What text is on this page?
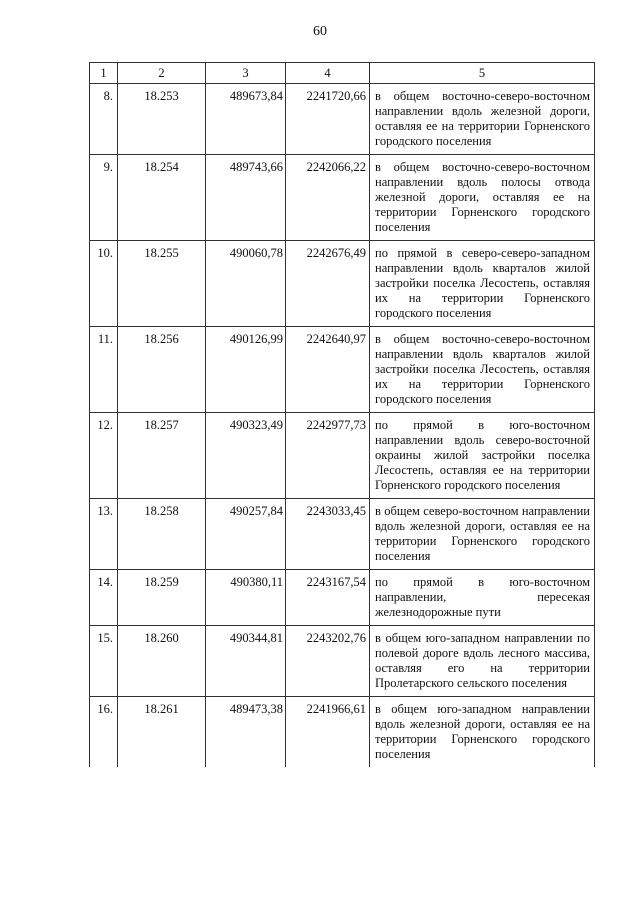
60
1	2	3	4	5
8.	18.253	489673,84	2241720,66	в общем восточно-северо-восточном направлении вдоль железной дороги, оставляя ее на территории Горненского городского поселения
9.	18.254	489743,66	2242066,22	в общем восточно-северо-восточном направлении вдоль полосы отвода железной дороги, оставляя ее на территории Горненского городского поселения
10.	18.255	490060,78	2242676,49	по прямой в северо-северо-западном направлении вдоль кварталов жилой застройки поселка Лесостепь, оставляя их на территории Горненского городского поселения
11.	18.256	490126,99	2242640,97	в общем восточно-северо-восточном направлении вдоль кварталов жилой застройки поселка Лесостепь, оставляя их на территории Горненского городского поселения
12.	18.257	490323,49	2242977,73	по прямой в юго-восточном направлении вдоль северо-восточной окраины жилой застройки поселка Лесостепь, оставляя ее на территории Горненского городского поселения
13.	18.258	490257,84	2243033,45	в общем северо-восточном направлении вдоль железной дороги, оставляя ее на территории Горненского городского поселения
14.	18.259	490380,11	2243167,54	по прямой в юго-восточном направлении, пересекая железнодорожные пути
15.	18.260	490344,81	2243202,76	в общем юго-западном направлении по полевой дороге вдоль лесного массива, оставляя его на территории Пролетарского сельского поселения
16.	18.261	489473,38	2241966,61	в общем юго-западном направлении вдоль железной дороги, оставляя ее на территории Горненского городского поселения
